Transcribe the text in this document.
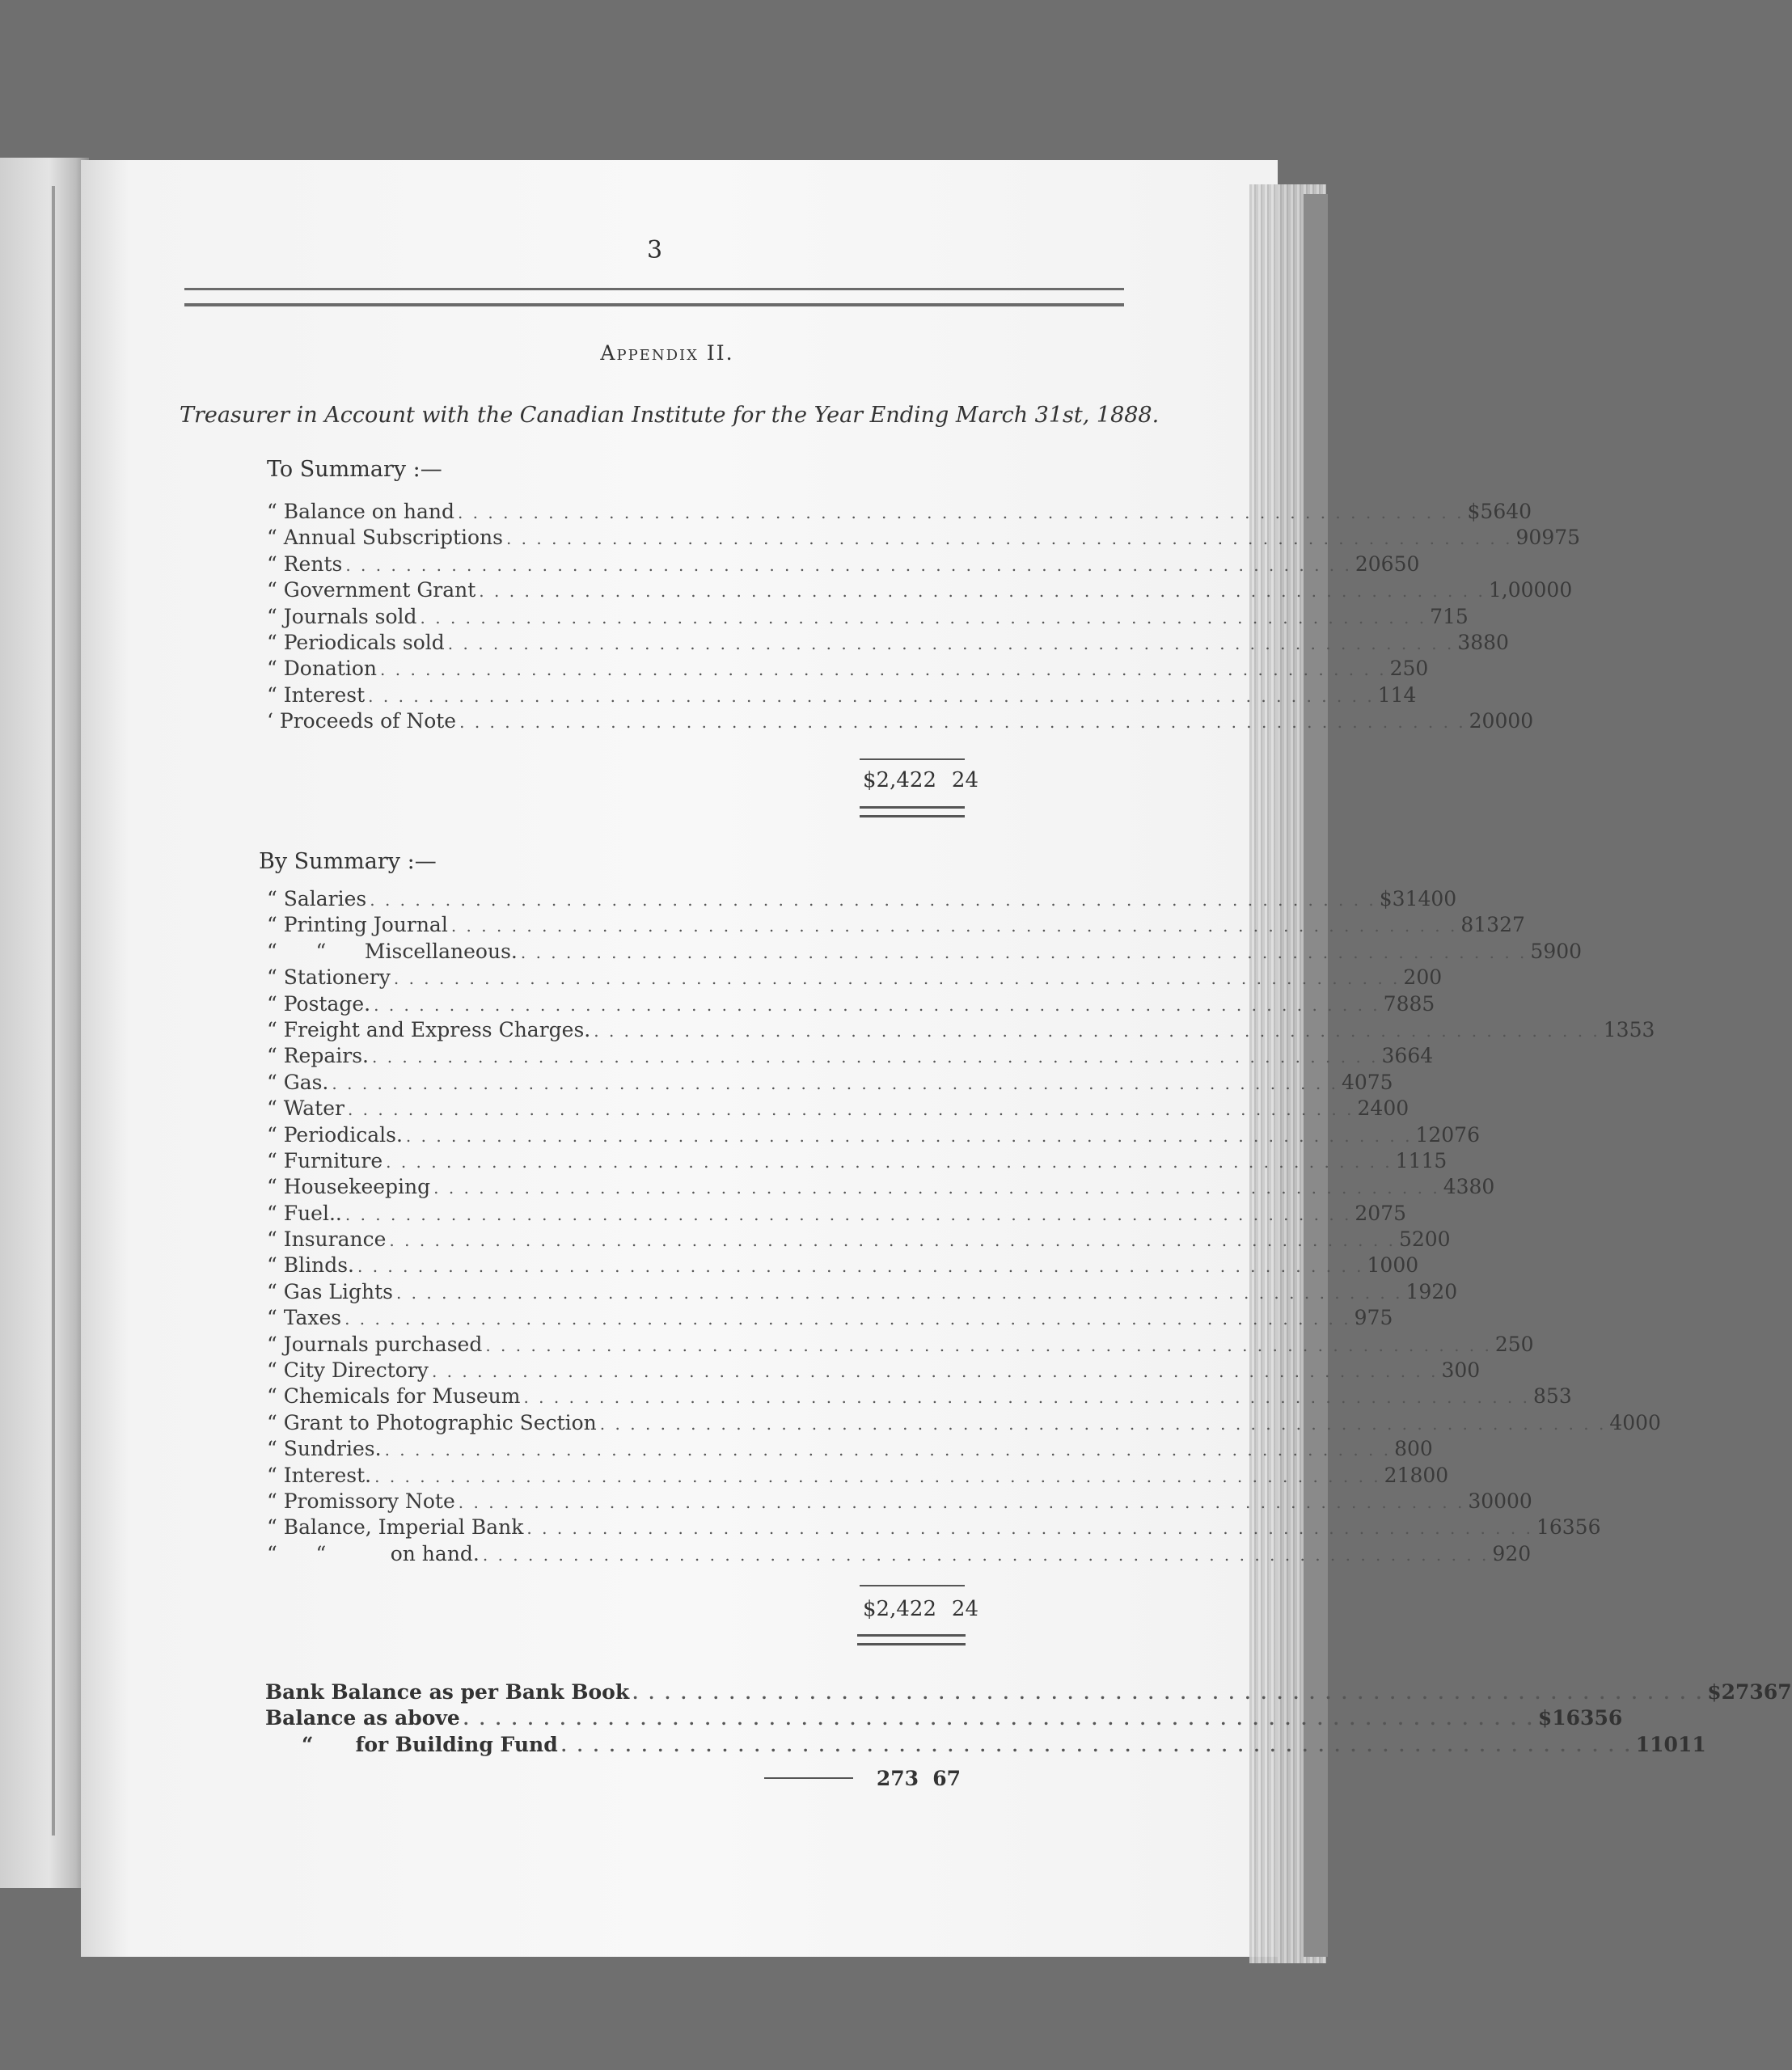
3
Appendix II.
Treasurer in Account with the Canadian Institute for the Year Ending March 31st, 1888.
To Summary :—
“ Balance on hand . . . . . . . . . . . . . . . . . . . . . . . . . . . . . . . . . . . . . . . . . . . . . . . . . . . . . . . . . . . . . . . . . . . $56 40
“ Annual Subscriptions . . . . . . . . . . . . . . . . . . . . . . . . . . . . . . . . . . . . . . . . . . . . . . . . . . . . . . . . . . . . . . . . . . . 909 75
“ Rents . . . . . . . . . . . . . . . . . . . . . . . . . . . . . . . . . . . . . . . . . . . . . . . . . . . . . . . . . . . . . . . . . . . 206 50
“ Government Grant . . . . . . . . . . . . . . . . . . . . . . . . . . . . . . . . . . . . . . . . . . . . . . . . . . . . . . . . . . . . . . . . . . . 1,000 00
“ Journals sold . . . . . . . . . . . . . . . . . . . . . . . . . . . . . . . . . . . . . . . . . . . . . . . . . . . . . . . . . . . . . . . . . . . 7 15
“ Periodicals sold . . . . . . . . . . . . . . . . . . . . . . . . . . . . . . . . . . . . . . . . . . . . . . . . . . . . . . . . . . . . . . . . . . . 38 80
“ Donation . . . . . . . . . . . . . . . . . . . . . . . . . . . . . . . . . . . . . . . . . . . . . . . . . . . . . . . . . . . . . . . . . . . 2 50
“ Interest . . . . . . . . . . . . . . . . . . . . . . . . . . . . . . . . . . . . . . . . . . . . . . . . . . . . . . . . . . . . . . . . . . . 1 14
‘ Proceeds of Note . . . . . . . . . . . . . . . . . . . . . . . . . . . . . . . . . . . . . . . . . . . . . . . . . . . . . . . . . . . . . . . . . . . 200 00
$2,422 24
By Summary :—
“ Salaries . . . . . . . . . . . . . . . . . . . . . . . . . . . . . . . . . . . . . . . . . . . . . . . . . . . . . . . . . . . . . . . . . . . $314 00
“ Printing Journal . . . . . . . . . . . . . . . . . . . . . . . . . . . . . . . . . . . . . . . . . . . . . . . . . . . . . . . . . . . . . . . . . . . 813 27
“      “      Miscellaneous. . . . . . . . . . . . . . . . . . . . . . . . . . . . . . . . . . . . . . . . . . . . . . . . . . . . . . . . . . . . . . . . . . . . 59 00
“ Stationery . . . . . . . . . . . . . . . . . . . . . . . . . . . . . . . . . . . . . . . . . . . . . . . . . . . . . . . . . . . . . . . . . . . 2 00
“ Postage. . . . . . . . . . . . . . . . . . . . . . . . . . . . . . . . . . . . . . . . . . . . . . . . . . . . . . . . . . . . . . . . . . . . 78 85
“ Freight and Express Charges. . . . . . . . . . . . . . . . . . . . . . . . . . . . . . . . . . . . . . . . . . . . . . . . . . . . . . . . . . . . . . . . . . . . 13 53
“ Repairs. . . . . . . . . . . . . . . . . . . . . . . . . . . . . . . . . . . . . . . . . . . . . . . . . . . . . . . . . . . . . . . . . . . . 36 64
“ Gas. . . . . . . . . . . . . . . . . . . . . . . . . . . . . . . . . . . . . . . . . . . . . . . . . . . . . . . . . . . . . . . . . . . . 40 75
“ Water . . . . . . . . . . . . . . . . . . . . . . . . . . . . . . . . . . . . . . . . . . . . . . . . . . . . . . . . . . . . . . . . . . . 24 00
“ Periodicals. . . . . . . . . . . . . . . . . . . . . . . . . . . . . . . . . . . . . . . . . . . . . . . . . . . . . . . . . . . . . . . . . . . . 120 76
“ Furniture . . . . . . . . . . . . . . . . . . . . . . . . . . . . . . . . . . . . . . . . . . . . . . . . . . . . . . . . . . . . . . . . . . . 11 15
“ Housekeeping . . . . . . . . . . . . . . . . . . . . . . . . . . . . . . . . . . . . . . . . . . . . . . . . . . . . . . . . . . . . . . . . . . . 43 80
“ Fuel.. . . . . . . . . . . . . . . . . . . . . . . . . . . . . . . . . . . . . . . . . . . . . . . . . . . . . . . . . . . . . . . . . . . . 20 75
“ Insurance . . . . . . . . . . . . . . . . . . . . . . . . . . . . . . . . . . . . . . . . . . . . . . . . . . . . . . . . . . . . . . . . . . . 52 00
“ Blinds. . . . . . . . . . . . . . . . . . . . . . . . . . . . . . . . . . . . . . . . . . . . . . . . . . . . . . . . . . . . . . . . . . . . 10 00
“ Gas Lights . . . . . . . . . . . . . . . . . . . . . . . . . . . . . . . . . . . . . . . . . . . . . . . . . . . . . . . . . . . . . . . . . . . 19 20
“ Taxes . . . . . . . . . . . . . . . . . . . . . . . . . . . . . . . . . . . . . . . . . . . . . . . . . . . . . . . . . . . . . . . . . . . 9 75
“ Journals purchased . . . . . . . . . . . . . . . . . . . . . . . . . . . . . . . . . . . . . . . . . . . . . . . . . . . . . . . . . . . . . . . . . . . 2 50
“ City Directory . . . . . . . . . . . . . . . . . . . . . . . . . . . . . . . . . . . . . . . . . . . . . . . . . . . . . . . . . . . . . . . . . . . 3 00
“ Chemicals for Museum . . . . . . . . . . . . . . . . . . . . . . . . . . . . . . . . . . . . . . . . . . . . . . . . . . . . . . . . . . . . . . . . . . . 8 53
“ Grant to Photographic Section . . . . . . . . . . . . . . . . . . . . . . . . . . . . . . . . . . . . . . . . . . . . . . . . . . . . . . . . . . . . . . . . . . . 40 00
“ Sundries. . . . . . . . . . . . . . . . . . . . . . . . . . . . . . . . . . . . . . . . . . . . . . . . . . . . . . . . . . . . . . . . . . . . 8 00
“ Interest. . . . . . . . . . . . . . . . . . . . . . . . . . . . . . . . . . . . . . . . . . . . . . . . . . . . . . . . . . . . . . . . . . . . 218 00
“ Promissory Note . . . . . . . . . . . . . . . . . . . . . . . . . . . . . . . . . . . . . . . . . . . . . . . . . . . . . . . . . . . . . . . . . . . 300 00
“ Balance, Imperial Bank . . . . . . . . . . . . . . . . . . . . . . . . . . . . . . . . . . . . . . . . . . . . . . . . . . . . . . . . . . . . . . . . . . . 163 56
“      “          on hand. . . . . . . . . . . . . . . . . . . . . . . . . . . . . . . . . . . . . . . . . . . . . . . . . . . . . . . . . . . . . . . . . . . . 9 20
$2,422 24
Bank Balance as per Bank Book . . . . . . . . . . . . . . . . . . . . . . . . . . . . . . . . . . . . . . . . . . . . . . . . . . . . . . . . . . . . . . . . . . . $273 67
Balance as above . . . . . . . . . . . . . . . . . . . . . . . . . . . . . . . . . . . . . . . . . . . . . . . . . . . . . . . . . . . . . . . . . . . $163 56
“      for Building Fund . . . . . . . . . . . . . . . . . . . . . . . . . . . . . . . . . . . . . . . . . . . . . . . . . . . . . . . . . . . . . . . . . . . 110 11
273 67
